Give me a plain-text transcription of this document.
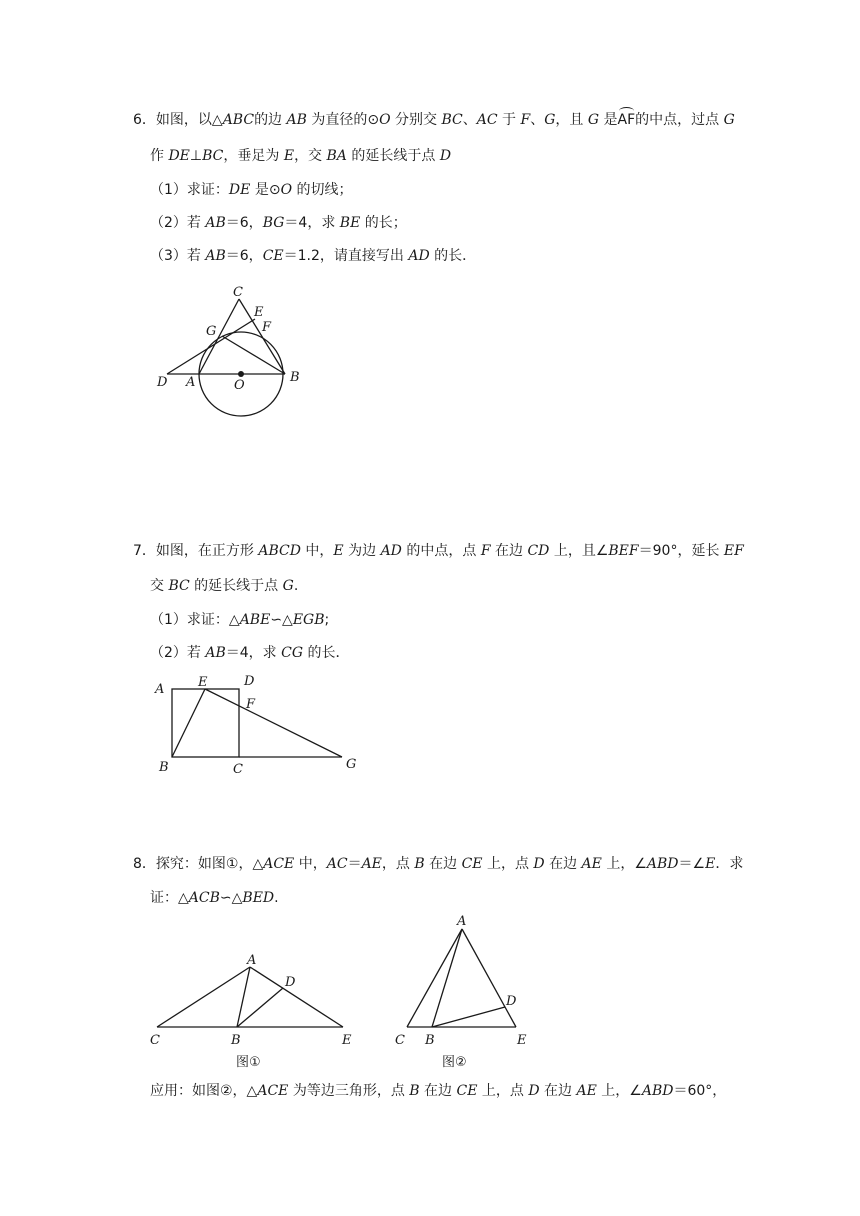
6．如图，以△ABC的边 AB 为直径的⊙O 分别交 BC、AC 于 F、G，且 G 是AF的中点，过点 G
作 DE⊥BC，垂足为 E，交 BA 的延长线于点 D
（1）求证：DE 是⊙O 的切线；
（2）若 AB＝6，BG＝4，求 BE 的长；
（3）若 AB＝6，CE＝1.2，请直接写出 AD 的长．
C
E
G	F
D A	O
B
7．如图，在正方形 ABCD 中，E 为边 AD 的中点，点 F 在边 CD 上，且∠BEF＝90°，延长 EF
交 BC 的延长线于点 G.
（1）求证：△ABE∽△EGB;
（2）若 AB＝4，求 CG 的长．
A	E	D
F
B	C	G
8．探究：如图①，△ACE 中，AC＝AE，点 B 在边 CE 上，点 D 在边 AE 上，∠ABD＝∠E．求
证：△ACB∽△BED.
A
D
C	B	E
图①
A
D
C B	E
图②
应用：如图②，△ACE 为等边三角形，点 B 在边 CE 上，点 D 在边 AE 上，∠ABD＝60°，
